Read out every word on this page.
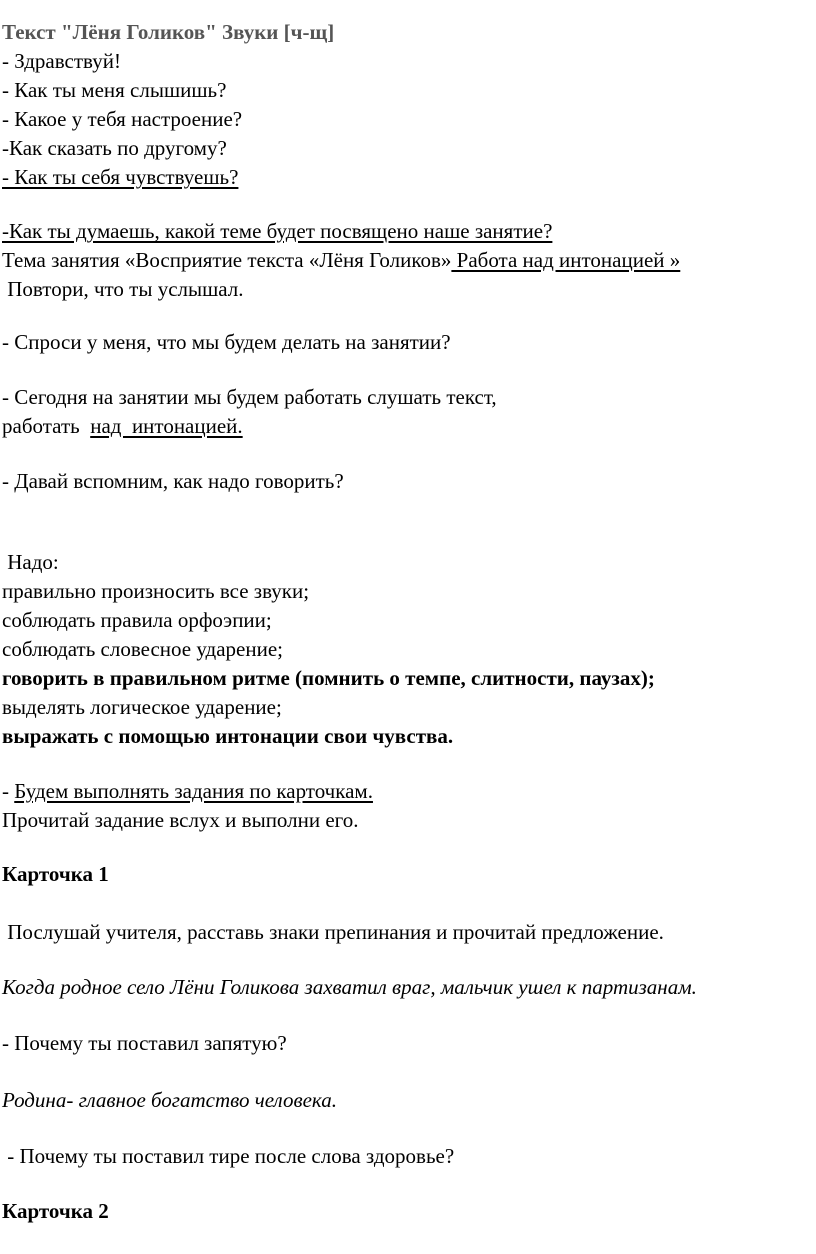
Текст "Лёня Голиков" Звуки [ч-щ]
- Здравствуй!
- Как ты меня слышишь?
- Какое у тебя настроение?
-Как сказать по другому?
- Как ты себя чувствуешь?
-Как ты думаешь, какой теме будет посвящено наше занятие?
Тема занятия «Восприятие текста «Лёня Голиков» Работа над интонацией »
Повтори, что ты услышал.
- Спроси у меня, что мы будем делать на занятии?
- Сегодня на занятии мы будем работать слушать текст,
работать  над  интонацией.
- Давай вспомним, как надо говорить?
Надо:
правильно произносить все звуки;
соблюдать правила орфоэпии;
соблюдать словесное ударение;
говорить в правильном ритме (помнить о темпе, слитности, паузах);
выделять логическое ударение;
выражать с помощью интонации свои чувства.
- Будем выполнять задания по карточкам.
Прочитай задание вслух и выполни его.
Карточка 1
Послушай учителя, расставь знаки препинания и прочитай предложение.
Когда родное село Лёни Голикова захватил враг, мальчик ушел к партизанам.
- Почему ты поставил запятую?
Родина- главное богатство человека.
- Почему ты поставил тире после слова здоровье?
Карточка 2
